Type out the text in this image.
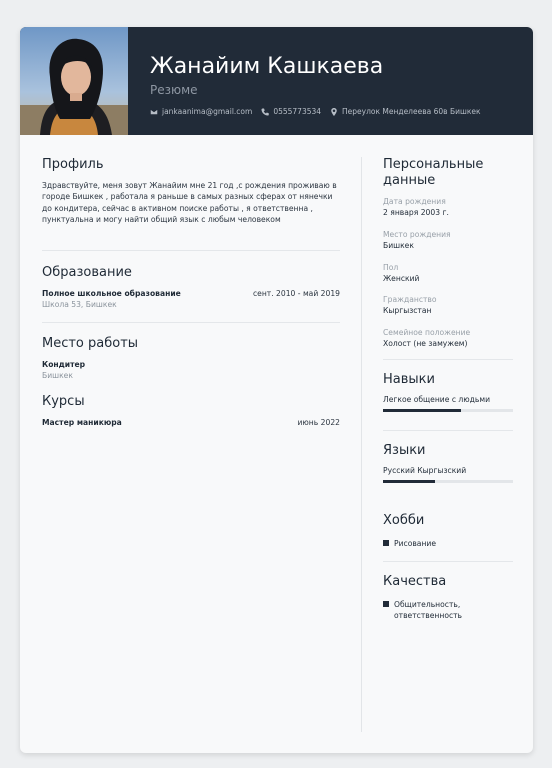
Жанайим Кашкаева
Резюме
jankaanima@gmail.com	0555773534	Переулок Менделеева 60в Бишкек
Профиль
Здравствуйте, меня зовут Жанайим мне 21 год ,с рождения проживаю в городе Бишкек , работала я раньше в самых разных сферах от нянечки до кондитера, сейчас в активном поиске работы , я ответственна , пунктуальна и могу найти общий язык с любым человеком
Образование
Полное школьное образование	сент. 2010 - май 2019
Школа 53, Бишкек
Место работы
Кондитер
Бишкек
Курсы
Мастер маникюра	июнь 2022
Персональные данные
Дата рождения
2 января 2003 г.
Место рождения
Бишкек
Пол
Женский
Гражданство
Кыргызстан
Семейное положение
Холост (не замужем)
Навыки
Легкое общение с людьми
Языки
Русский Кыргызский
Хобби
Рисование
Качества
Общительность, ответственность
